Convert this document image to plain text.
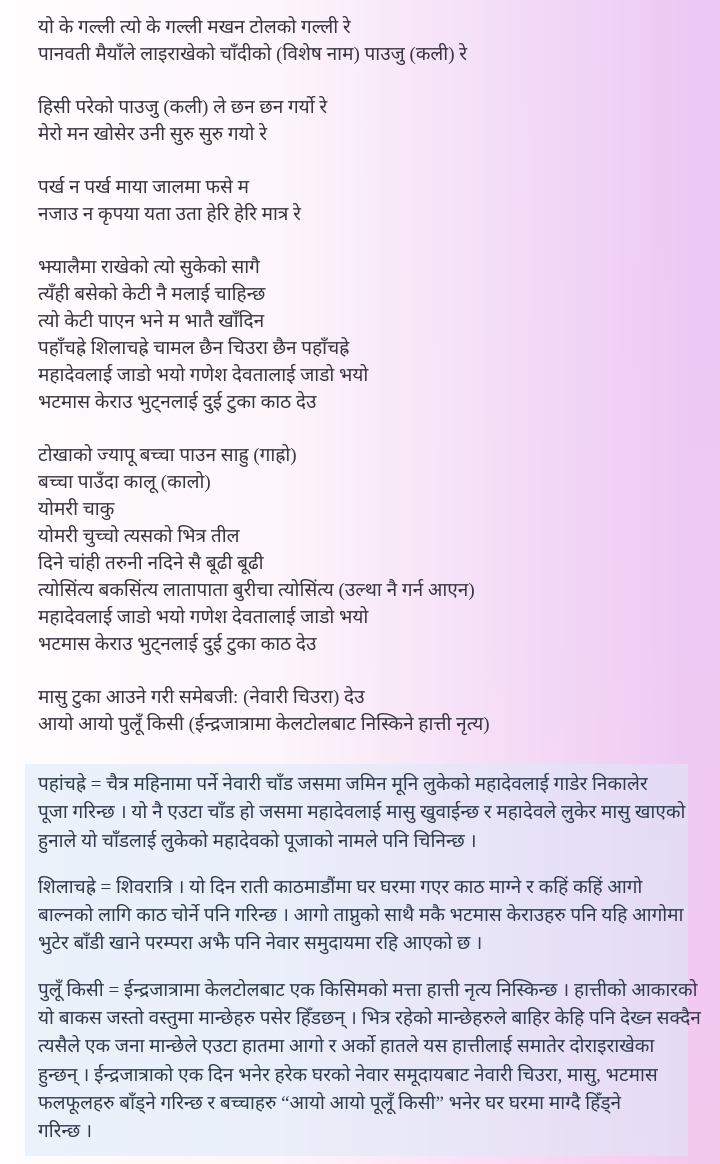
यो के गल्ली त्यो के गल्ली मखन टोलको गल्ली रे
पानवती मैयाँले लाइराखेको चाँदीको (विशेष नाम) पाउजु (कली) रे
हिसी परेको पाउजु (कली) ले छन छन गर्यो रे
मेरो मन खोसेर उनी सुरु सुरु गयो रे
पर्ख न पर्ख माया जालमा फसे म
नजाउ न कृपया यता उता हेरि हेरि मात्र रे
झ्यालैमा राखेको त्यो सुकेको सागै
त्यँही बसेको केटी नै मलाई चाहिन्छ
त्यो केटी पाएन भने म भातै खाँदिन
पहाँचह्रे शिलाचह्रे चामल छैन चिउरा छैन पहाँचह्रे
महादेवलाई जाडो भयो गणेश देवतालाई जाडो भयो
भटमास केराउ भुट्नलाई दुई टुका काठ देउ
टोखाको ज्यापू बच्चा पाउन साह्रु (गाह्रो)
बच्चा पाउँदा कालू (कालो)
योमरी चाकु
योमरी चुच्चो त्यसको भित्र तील
दिने चांही तरुनी नदिने सै बूढी बूढी
त्योसिंत्य बकसिंत्य लातापाता बुरीचा त्योसिंत्य (उल्था नै गर्न आएन)
महादेवलाई जाडो भयो गणेश देवतालाई जाडो भयो
भटमास केराउ भुट्नलाई दुई टुका काठ देउ
मासु टुका आउने गरी समेबजी: (नेवारी चिउरा) देउ
आयो आयो पुलूँ किसी (ईन्द्रजात्रामा केलटोलबाट निस्किने हात्ती नृत्य)
पहांचह्रे = चैत्र महिनामा पर्ने नेवारी चाँड जसमा जमिन मूनि लुकेको महादेवलाई गाडेर निकालेर
पूजा गरिन्छ । यो नै एउटा चाँड हो जसमा महादेवलाई मासु खुवाईन्छ र महादेवले लुकेर मासु खाएको
हुनाले यो चाँडलाई लुकेको महादेवको पूजाको नामले पनि चिनिन्छ ।
शिलाचह्रे = शिवरात्रि । यो दिन राती काठमाडौंमा घर घरमा गएर काठ माग्ने र कहिं कहिं आगो
बाल्नको लागि काठ चोर्ने पनि गरिन्छ । आगो ताप्नुको साथै मकै भटमास केराउहरु पनि यहि आगोमा
भुटेर बाँडी खाने परम्परा अझै पनि नेवार समुदायमा रहि आएको छ ।
पुलूँ किसी = ईन्द्रजात्रामा केलटोलबाट एक किसिमको मत्ता हात्ती नृत्य निस्किन्छ । हात्तीको आकारको
यो बाकस जस्तो वस्तुमा मान्छेहरु पसेर हिँडछन् । भित्र रहेको मान्छेहरुले बाहिर केहि पनि देख्न सक्दैन
त्यसैले एक जना मान्छेले एउटा हातमा आगो र अर्को हातले यस हात्तीलाई समातेर दोराइराखेका
हुन्छन् । ईन्द्रजात्राको एक दिन भनेर हरेक घरको नेवार समूदायबाट नेवारी चिउरा, मासु, भटमास
फलफूलहरु बाँड्ने गरिन्छ र बच्चाहरु “आयो आयो पूलूँ किसी” भनेर घर घरमा माग्दै हिँड्ने
गरिन्छ ।
